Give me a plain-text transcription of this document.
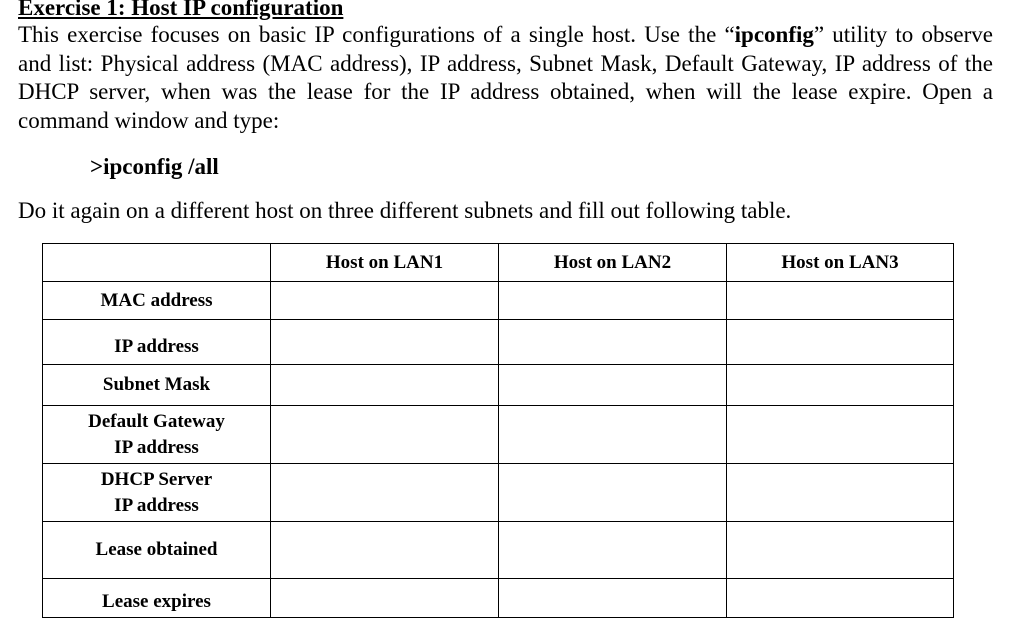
Exercise 1: Host IP configuration

This exercise focuses on basic IP configurations of a single host. Use the “ipconfig” utility to observe and list: Physical address (MAC address), IP address, Subnet Mask, Default Gateway, IP address of the DHCP server, when was the lease for the IP address obtained, when will the lease expire. Open a command window and type:

>ipconfig /all
Do it again on a different host on three different subnets and fill out following table.
	Host on LAN1	Host on LAN2	Host on LAN3

MAC address			

IP address			

Subnet Mask			

Default Gateway
IP address			

DHCP Server
IP address			

Lease obtained			

Lease expires			
